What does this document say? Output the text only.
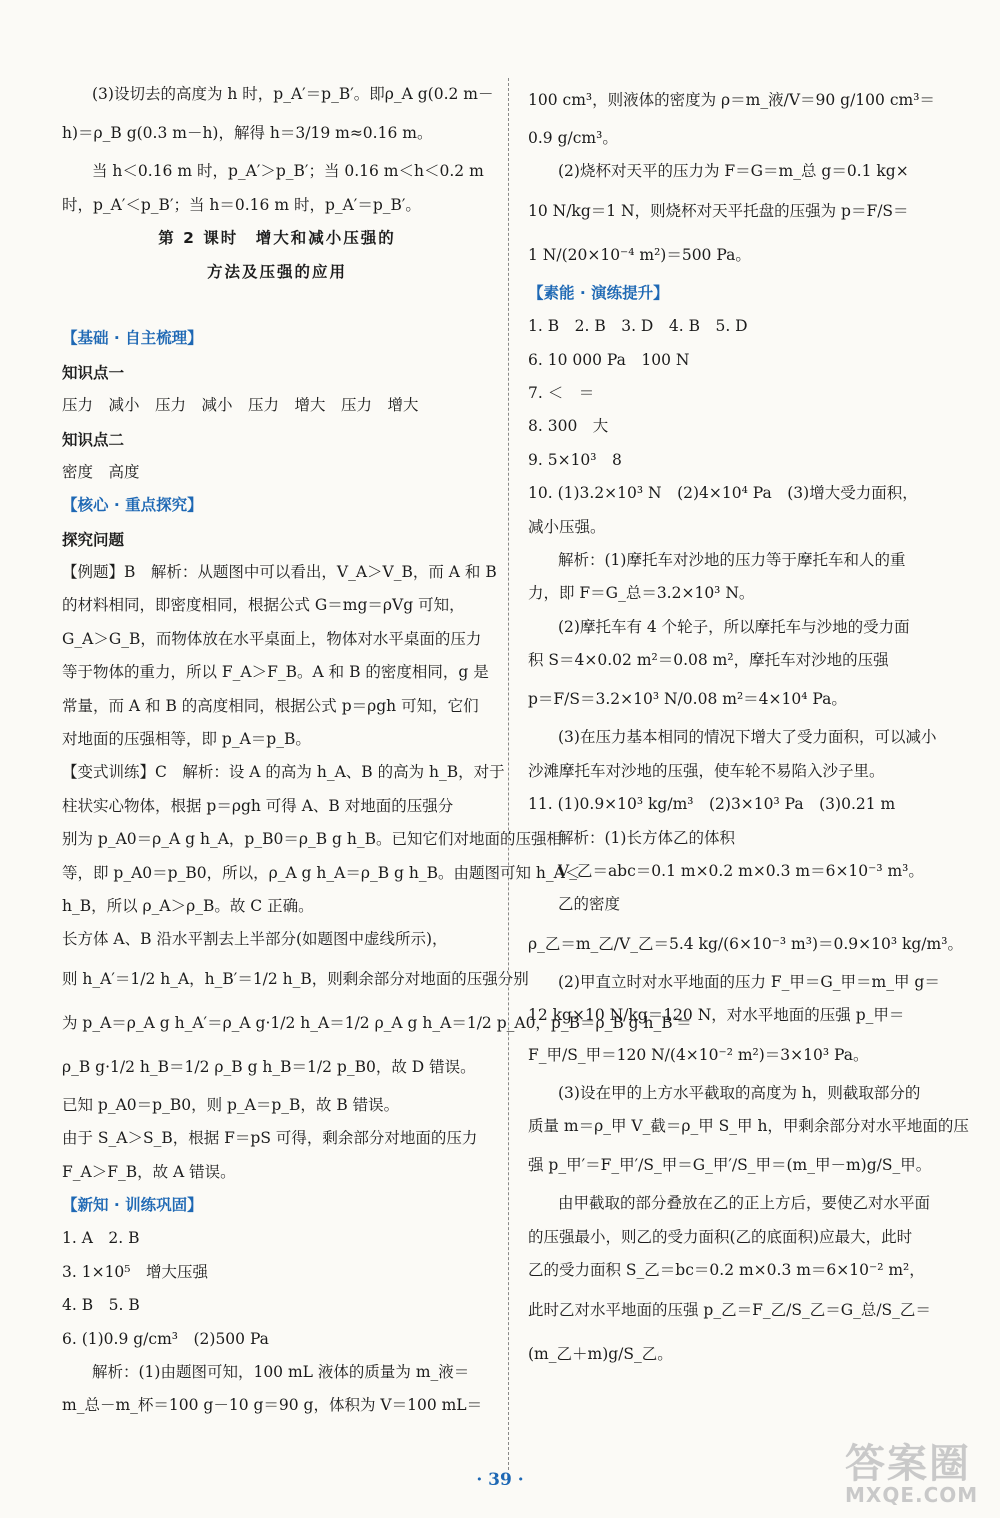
(3)设切去的高度为 h 时，p_A′＝p_B′。即ρ_A g(0.2 m－
h)＝ρ_B g(0.3 m－h)，解得 h＝3/19 m≈0.16 m。
当 h＜0.16 m 时，p_A′＞p_B′；当 0.16 m＜h＜0.2 m
时，p_A′＜p_B′；当 h＝0.16 m 时，p_A′＝p_B′。
第 2 课时　增大和减小压强的
方法及压强的应用
【基础 · 自主梳理】
知识点一
压力　减小　压力　减小　压力　增大　压力　增大
知识点二
密度　高度
【核心 · 重点探究】
探究问题
【例题】B　解析：从题图中可以看出，V_A＞V_B，而 A 和 B
的材料相同，即密度相同，根据公式 G＝mg＝ρVg 可知，
G_A＞G_B，而物体放在水平桌面上，物体对水平桌面的压力
等于物体的重力，所以 F_A＞F_B。A 和 B 的密度相同，g 是
常量，而 A 和 B 的高度相同，根据公式 p＝ρgh 可知，它们
对地面的压强相等，即 p_A＝p_B。
【变式训练】C　解析：设 A 的高为 h_A、B 的高为 h_B，对于
柱状实心物体，根据 p＝ρgh 可得 A、B 对地面的压强分
别为 p_A0＝ρ_A g h_A，p_B0＝ρ_B g h_B。已知它们对地面的压强相
等，即 p_A0＝p_B0，所以，ρ_A g h_A＝ρ_B g h_B。由题图可知 h_A＜
h_B，所以 ρ_A＞ρ_B。故 C 正确。
长方体 A、B 沿水平割去上半部分(如题图中虚线所示)，
则 h_A′＝1/2 h_A，h_B′＝1/2 h_B，则剩余部分对地面的压强分别
为 p_A＝ρ_A g h_A′＝ρ_A g·1/2 h_A＝1/2 ρ_A g h_A＝1/2 p_A0，p_B＝ρ_B g h_B′＝
ρ_B g·1/2 h_B＝1/2 ρ_B g h_B＝1/2 p_B0，故 D 错误。
已知 p_A0＝p_B0，则 p_A＝p_B，故 B 错误。
由于 S_A＞S_B，根据 F＝pS 可得，剩余部分对地面的压力
F_A＞F_B，故 A 错误。
【新知 · 训练巩固】
1. A　2. B
3. 1×10⁵　增大压强
4. B　5. B
6. (1)0.9 g/cm³　(2)500 Pa
解析：(1)由题图可知，100 mL 液体的质量为 m_液＝
m_总－m_杯＝100 g－10 g＝90 g，体积为 V＝100 mL＝
100 cm³，则液体的密度为 ρ＝m_液/V＝90 g/100 cm³＝
0.9 g/cm³。
(2)烧杯对天平的压力为 F＝G＝m_总 g＝0.1 kg×
10 N/kg＝1 N，则烧杯对天平托盘的压强为 p＝F/S＝
1 N/(20×10⁻⁴ m²)＝500 Pa。
【素能 · 演练提升】
1. B　2. B　3. D　4. B　5. D
6. 10 000 Pa　100 N
7. ＜　＝
8. 300　大
9. 5×10³　8
10. (1)3.2×10³ N　(2)4×10⁴ Pa　(3)增大受力面积，
减小压强。
解析：(1)摩托车对沙地的压力等于摩托车和人的重
力，即 F＝G_总＝3.2×10³ N。
(2)摩托车有 4 个轮子，所以摩托车与沙地的受力面
积 S＝4×0.02 m²＝0.08 m²，摩托车对沙地的压强
p＝F/S＝3.2×10³ N/0.08 m²＝4×10⁴ Pa。
(3)在压力基本相同的情况下增大了受力面积，可以减小
沙滩摩托车对沙地的压强，使车轮不易陷入沙子里。
11. (1)0.9×10³ kg/m³　(2)3×10³ Pa　(3)0.21 m
解析：(1)长方体乙的体积
V_乙＝abc＝0.1 m×0.2 m×0.3 m＝6×10⁻³ m³。
乙的密度
ρ_乙＝m_乙/V_乙＝5.4 kg/(6×10⁻³ m³)＝0.9×10³ kg/m³。
(2)甲直立时对水平地面的压力 F_甲＝G_甲＝m_甲 g＝
12 kg×10 N/kg＝120 N，对水平地面的压强 p_甲＝
F_甲/S_甲＝120 N/(4×10⁻² m²)＝3×10³ Pa。
(3)设在甲的上方水平截取的高度为 h，则截取部分的
质量 m＝ρ_甲 V_截＝ρ_甲 S_甲 h，甲剩余部分对水平地面的压
强 p_甲′＝F_甲′/S_甲＝G_甲′/S_甲＝(m_甲－m)g/S_甲。
由甲截取的部分叠放在乙的正上方后，要使乙对水平面
的压强最小，则乙的受力面积(乙的底面积)应最大，此时
乙的受力面积 S_乙＝bc＝0.2 m×0.3 m＝6×10⁻² m²，
此时乙对水平地面的压强 p_乙＝F_乙/S_乙＝G_总/S_乙＝
(m_乙＋m)g/S_乙。
· 39 ·	答案圈
MXQE.COM
